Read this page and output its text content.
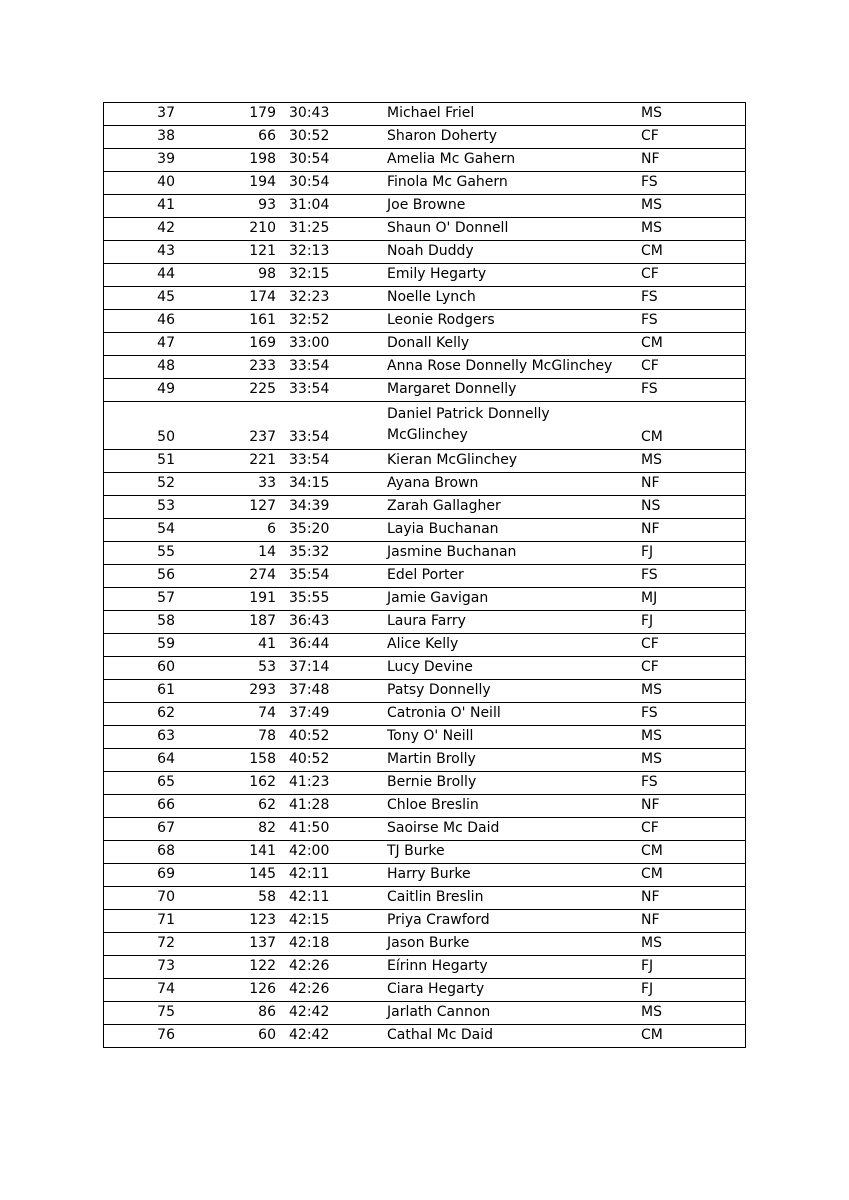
37	179	30:43	Michael Friel	MS
38	66	30:52	Sharon Doherty	CF
39	198	30:54	Amelia Mc Gahern	NF
40	194	30:54	Finola Mc Gahern	FS
41	93	31:04	Joe Browne	MS
42	210	31:25	Shaun O' Donnell	MS
43	121	32:13	Noah Duddy	CM
44	98	32:15	Emily Hegarty	CF
45	174	32:23	Noelle Lynch	FS
46	161	32:52	Leonie Rodgers	FS
47	169	33:00	Donall Kelly	CM
48	233	33:54	Anna Rose Donnelly McGlinchey	CF
49	225	33:54	Margaret Donnelly	FS
50	237	33:54	Daniel Patrick Donnelly McGlinchey	CM
51	221	33:54	Kieran McGlinchey	MS
52	33	34:15	Ayana Brown	NF
53	127	34:39	Zarah Gallagher	NS
54	6	35:20	Layia Buchanan	NF
55	14	35:32	Jasmine Buchanan	FJ
56	274	35:54	Edel Porter	FS
57	191	35:55	Jamie Gavigan	MJ
58	187	36:43	Laura Farry	FJ
59	41	36:44	Alice Kelly	CF
60	53	37:14	Lucy Devine	CF
61	293	37:48	Patsy Donnelly	MS
62	74	37:49	Catronia O' Neill	FS
63	78	40:52	Tony O' Neill	MS
64	158	40:52	Martin Brolly	MS
65	162	41:23	Bernie Brolly	FS
66	62	41:28	Chloe Breslin	NF
67	82	41:50	Saoirse Mc Daid	CF
68	141	42:00	TJ Burke	CM
69	145	42:11	Harry Burke	CM
70	58	42:11	Caitlin Breslin	NF
71	123	42:15	Priya Crawford	NF
72	137	42:18	Jason Burke	MS
73	122	42:26	Eírinn Hegarty	FJ
74	126	42:26	Ciara Hegarty	FJ
75	86	42:42	Jarlath Cannon	MS
76	60	42:42	Cathal Mc Daid	CM
